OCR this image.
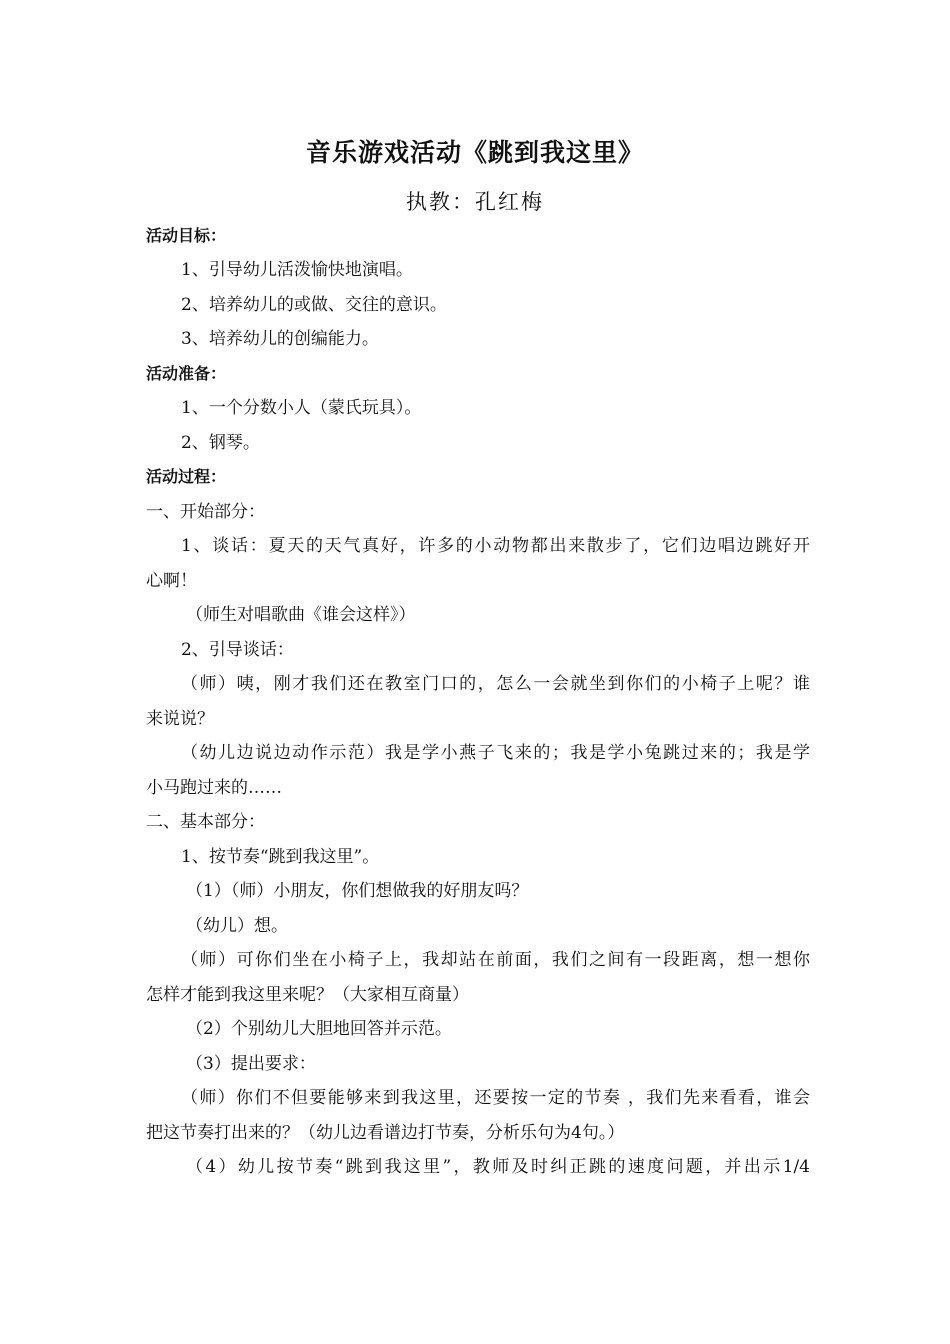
音乐游戏活动《跳到我这里》
执教：孔红梅
活动目标：
1、引导幼儿活泼愉快地演唱。
2、培养幼儿的或做、交往的意识。
3、培养幼儿的创编能力。
活动准备：
1、一个分数小人（蒙氏玩具）。
2、钢琴。
活动过程：
一、开始部分：
1、谈话：夏天的天气真好，许多的小动物都出来散步了，它们边唱边跳好开
心啊！
（师生对唱歌曲《谁会这样》）
2、引导谈话：
（师）咦，刚才我们还在教室门口的，怎么一会就坐到你们的小椅子上呢？谁
来说说？
（幼儿边说边动作示范）我是学小燕子飞来的；我是学小兔跳过来的；我是学
小马跑过来的……
二、基本部分：
1、按节奏“跳到我这里”。
（1）（师）小朋友，你们想做我的好朋友吗？
（幼儿）想。
（师）可你们坐在小椅子上，我却站在前面，我们之间有一段距离，想一想你
怎样才能到我这里来呢？（大家相互商量）
（2）个别幼儿大胆地回答并示范。
（3）提出要求：
（师）你们不但要能够来到我这里，还要按一定的节奏 ，我们先来看看，谁会
把这节奏打出来的？（幼儿边看谱边打节奏，分析乐句为4句。）
（4）幼儿按节奏“跳到我这里”，教师及时纠正跳的速度问题，并出示1/4
